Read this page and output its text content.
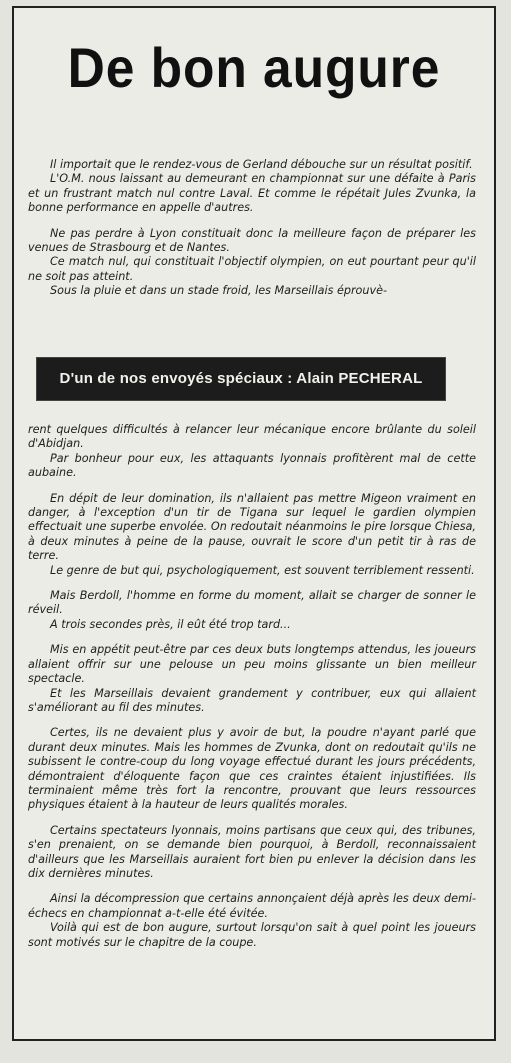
De bon augure

Il importait que le rendez-vous de Gerland débouche sur un résultat positif.

L'O.M. nous laissant au demeurant en championnat sur une défaite à Paris et un frustrant match nul contre Laval. Et comme le répétait Jules Zvunka, la bonne performance en appelle d'autres.

Ne pas perdre à Lyon constituait donc la meilleure façon de préparer les venues de Strasbourg et de Nantes.

Ce match nul, qui constituait l'objectif olympien, on eut pourtant peur qu'il ne soit pas atteint.

Sous la pluie et dans un stade froid, les Marseillais éprouvè-

D'un de nos envoyés spéciaux : Alain PECHERAL

rent quelques difficultés à relancer leur mécanique encore brûlante du soleil d'Abidjan.

Par bonheur pour eux, les attaquants lyonnais profitèrent mal de cette aubaine.

En dépit de leur domination, ils n'allaient pas mettre Migeon vraiment en danger, à l'exception d'un tir de Tigana sur lequel le gardien olympien effectuait une superbe envolée. On redoutait néanmoins le pire lorsque Chiesa, à deux minutes à peine de la pause, ouvrait le score d'un petit tir à ras de terre.

Le genre de but qui, psychologiquement, est souvent terriblement ressenti.

Mais Berdoll, l'homme en forme du moment, allait se charger de sonner le réveil.

A trois secondes près, il eût été trop tard...

Mis en appétit peut-être par ces deux buts longtemps attendus, les joueurs allaient offrir sur une pelouse un peu moins glissante un bien meilleur spectacle.

Et les Marseillais devaient grandement y contribuer, eux qui allaient s'améliorant au fil des minutes.

Certes, ils ne devaient plus y avoir de but, la poudre n'ayant parlé que durant deux minutes. Mais les hommes de Zvunka, dont on redoutait qu'ils ne subissent le contre-coup du long voyage effectué durant les jours précédents, démontraient d'éloquente façon que ces craintes étaient injustifiées. Ils terminaient même très fort la rencontre, prouvant que leurs ressources physiques étaient à la hauteur de leurs qualités morales.

Certains spectateurs lyonnais, moins partisans que ceux qui, des tribunes, s'en prenaient, on se demande bien pourquoi, à Berdoll, reconnaissaient d'ailleurs que les Marseillais auraient fort bien pu enlever la décision dans les dix dernières minutes.

Ainsi la décompression que certains annonçaient déjà après les deux demi-échecs en championnat a-t-elle été évitée.

Voilà qui est de bon augure, surtout lorsqu'on sait à quel point les joueurs sont motivés sur le chapitre de la coupe.
